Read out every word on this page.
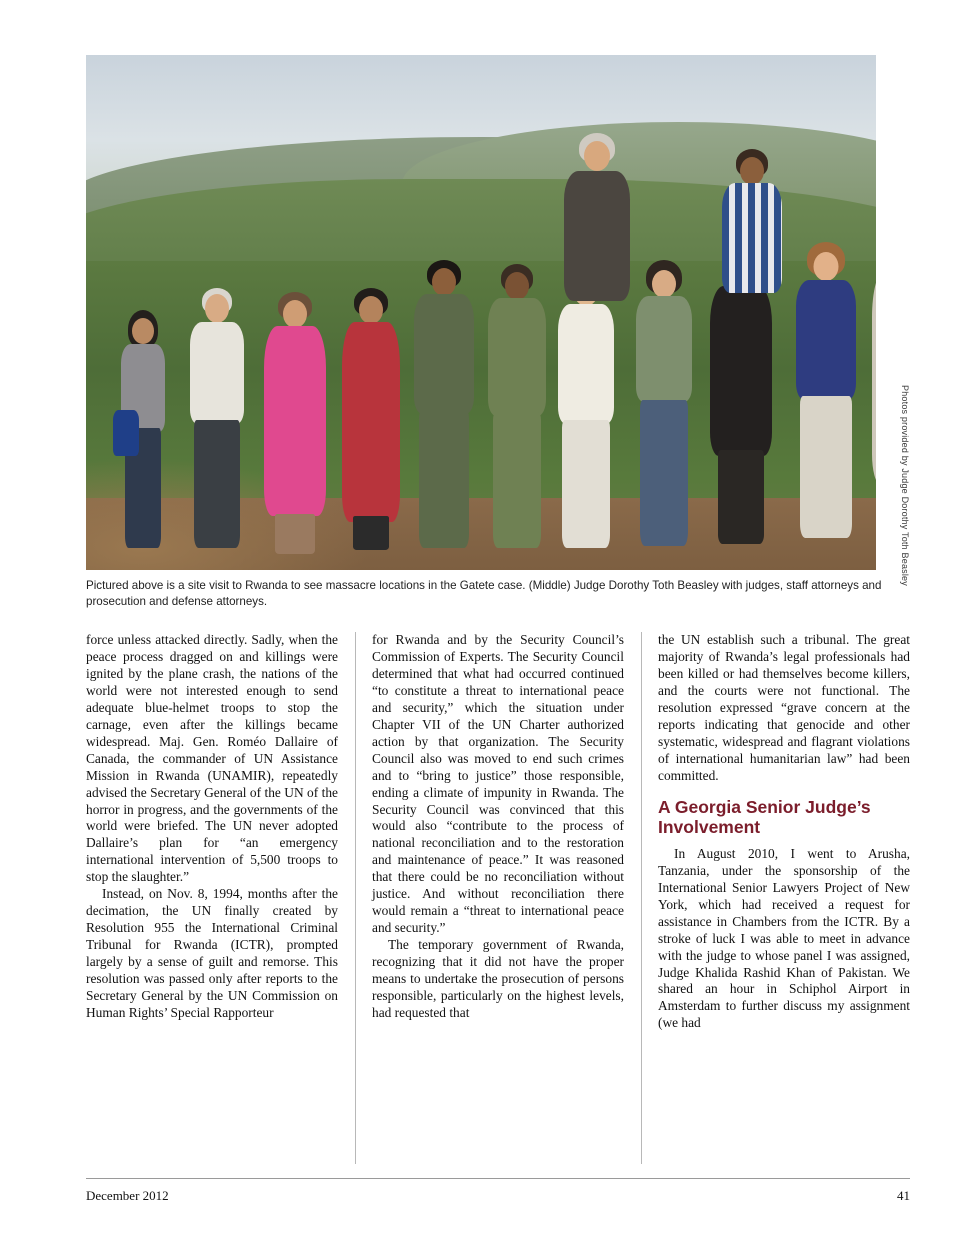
Photos provided by Judge Dorothy Toth Beasley
Pictured above is a site visit to Rwanda to see massacre locations in the Gatete case. (Middle) Judge Dorothy Toth Beasley with judges, staff attorneys and prosecution and defense attorneys.

force unless attacked directly. Sadly, when the peace process dragged on and killings were ignited by the plane crash, the nations of the world were not interested enough to send adequate blue-helmet troops to stop the carnage, even after the killings became widespread. Maj. Gen. Roméo Dallaire of Canada, the commander of UN Assistance Mission in Rwanda (UNAMIR), repeatedly advised the Secretary General of the UN of the horror in progress, and the governments of the world were briefed. The UN never adopted Dallaire’s plan for “an emergency international intervention of 5,500 troops to stop the slaughter.”

Instead, on Nov. 8, 1994, months after the decimation, the UN finally created by Resolution 955 the International Criminal Tribunal for Rwanda (ICTR), prompted largely by a sense of guilt and remorse. This resolution was passed only after reports to the Secretary General by the UN Commission on Human Rights’ Special Rapporteur

for Rwanda and by the Security Council’s Commission of Experts. The Security Council determined that what had occurred continued “to constitute a threat to international peace and security,” which the situation under Chapter VII of the UN Charter authorized action by that organization. The Security Council also was moved to end such crimes and to “bring to justice” those responsible, ending a climate of impunity in Rwanda. The Security Council was convinced that this would also “contribute to the process of national reconciliation and to the restoration and maintenance of peace.” It was reasoned that there could be no reconciliation without justice. And without reconciliation there would remain a “threat to international peace and security.”

The temporary government of Rwanda, recognizing that it did not have the proper means to undertake the prosecution of persons responsible, particularly on the highest levels, had requested that

the UN establish such a tribunal. The great majority of Rwanda’s legal professionals had been killed or had themselves become killers, and the courts were not functional. The resolution expressed “grave concern at the reports indicating that genocide and other systematic, widespread and flagrant violations of international humanitarian law” had been committed.

A Georgia Senior Judge’s Involvement

In August 2010, I went to Arusha, Tanzania, under the sponsorship of the International Senior Lawyers Project of New York, which had received a request for assistance in Chambers from the ICTR. By a stroke of luck I was able to meet in advance with the judge to whose panel I was assigned, Judge Khalida Rashid Khan of Pakistan. We shared an hour in Schiphol Airport in Amsterdam to further discuss my assignment (we had

December 2012	41
